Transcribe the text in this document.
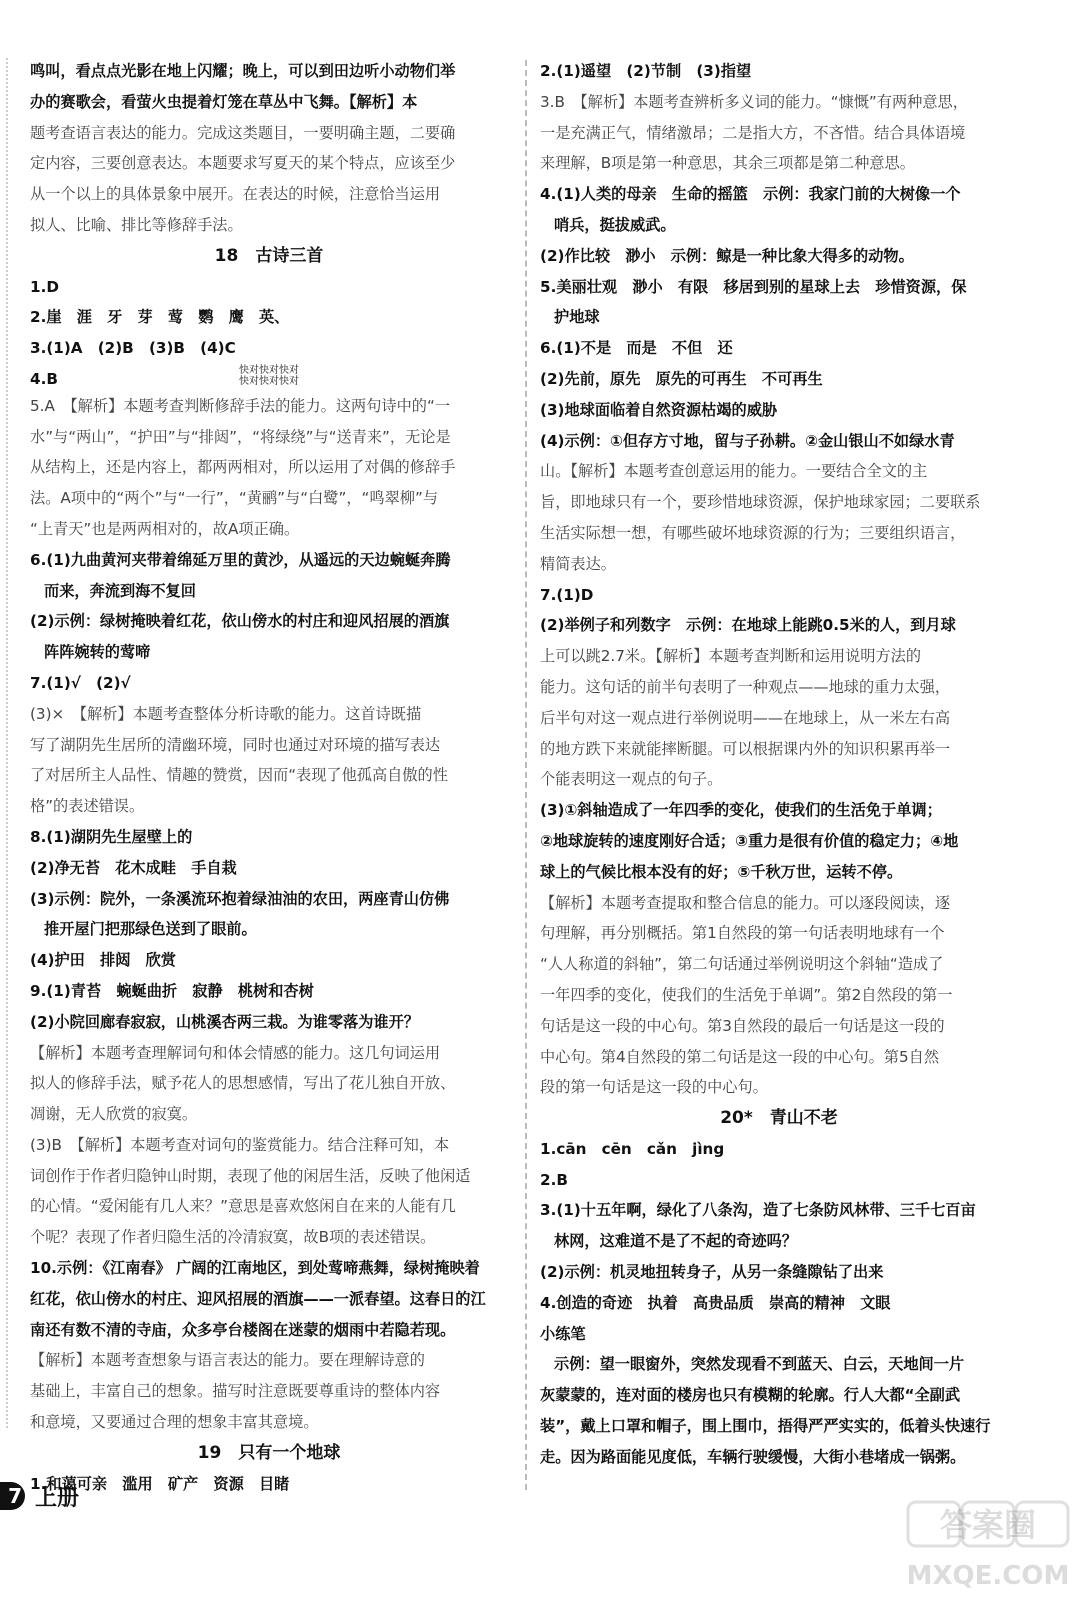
鸣叫，看点点光影在地上闪耀；晚上，可以到田边听小动物们举

办的赛歌会，看萤火虫提着灯笼在草丛中飞舞。【解析】本

题考查语言表达的能力。完成这类题目，一要明确主题，二要确

定内容，三要创意表达。本题要求写夏天的某个特点，应该至少

从一个以上的具体景象中展开。在表达的时候，注意恰当运用

拟人、比喻、排比等修辞手法。

18　古诗三首

1.D

2.崖　涯　牙　芽　莺　鹦　鹰　英、

3.(1)A　(2)B　(3)B　(4)C

4.B	快对快对快对
快对快对快对

5.A　【解析】本题考查判断修辞手法的能力。这两句诗中的“一

水”与“两山”，“护田”与“排闼”，“将绿绕”与“送青来”，无论是

从结构上，还是内容上，都两两相对，所以运用了对偶的修辞手

法。A项中的“两个”与“一行”，“黄鹂”与“白鹭”，“鸣翠柳”与

“上青天”也是两两相对的，故A项正确。

6.(1)九曲黄河夹带着绵延万里的黄沙，从遥远的天边蜿蜒奔腾

而来，奔流到海不复回

(2)示例：绿树掩映着红花，依山傍水的村庄和迎风招展的酒旗

阵阵婉转的莺啼

7.(1)√　(2)√

(3)×　【解析】本题考查整体分析诗歌的能力。这首诗既描

写了湖阴先生居所的清幽环境，同时也通过对环境的描写表达

了对居所主人品性、情趣的赞赏，因而“表现了他孤高自傲的性

格”的表述错误。

8.(1)湖阴先生屋壁上的

(2)净无苔　花木成畦　手自栽

(3)示例：院外，一条溪流环抱着绿油油的农田，两座青山仿佛

推开屋门把那绿色送到了眼前。

(4)护田　排闼　欣赏

9.(1)青苔　蜿蜒曲折　寂静　桃树和杏树

(2)小院回廊春寂寂，山桃溪杏两三栽。为谁零落为谁开？

【解析】本题考查理解词句和体会情感的能力。这几句词运用

拟人的修辞手法，赋予花人的思想感情，写出了花儿独自开放、

凋谢，无人欣赏的寂寞。

(3)B　【解析】本题考查对词句的鉴赏能力。结合注释可知，本

词创作于作者归隐钟山时期，表现了他的闲居生活，反映了他闲适

的心情。“爱闲能有几人来？”意思是喜欢悠闲自在来的人能有几

个呢？表现了作者归隐生活的冷清寂寞，故B项的表述错误。

10.示例：《江南春》 广阔的江南地区，到处莺啼燕舞，绿树掩映着

红花，依山傍水的村庄、迎风招展的酒旗——一派春望。这春日的江

南还有数不清的寺庙，众多亭台楼阁在迷蒙的烟雨中若隐若现。

【解析】本题考查想象与语言表达的能力。要在理解诗意的

基础上，丰富自己的想象。描写时注意既要尊重诗的整体内容

和意境，又要通过合理的想象丰富其意境。

19　只有一个地球

1.和蔼可亲　滥用　矿产　资源　目睹

2.(1)遥望　(2)节制　(3)指望

3.B　【解析】本题考查辨析多义词的能力。“慷慨”有两种意思，

一是充满正气，情绪激昂；二是指大方，不吝惜。结合具体语境

来理解，B项是第一种意思，其余三项都是第二种意思。

4.(1)人类的母亲　生命的摇篮　示例：我家门前的大树像一个

哨兵，挺拔威武。

(2)作比较　渺小　示例：鲸是一种比象大得多的动物。

5.美丽壮观　渺小　有限　移居到别的星球上去　珍惜资源，保

护地球

6.(1)不是　而是　不但　还

(2)先前，原先　原先的可再生　不可再生

(3)地球面临着自然资源枯竭的威胁

(4)示例：①但存方寸地，留与子孙耕。②金山银山不如绿水青

山。【解析】本题考查创意运用的能力。一要结合全文的主

旨，即地球只有一个，要珍惜地球资源，保护地球家园；二要联系

生活实际想一想，有哪些破坏地球资源的行为；三要组织语言，

精简表达。

7.(1)D

(2)举例子和列数字　示例：在地球上能跳0.5米的人，到月球

上可以跳2.7米。【解析】本题考查判断和运用说明方法的

能力。这句话的前半句表明了一种观点——地球的重力太强，

后半句对这一观点进行举例说明——在地球上，从一米左右高

的地方跌下来就能摔断腿。可以根据课内外的知识积累再举一

个能表明这一观点的句子。

(3)①斜轴造成了一年四季的变化，使我们的生活免于单调；

②地球旋转的速度刚好合适；③重力是很有价值的稳定力；④地

球上的气候比根本没有的好；⑤千秋万世，运转不停。

【解析】本题考查提取和整合信息的能力。可以逐段阅读，逐

句理解，再分别概括。第1自然段的第一句话表明地球有一个

“人人称道的斜轴”，第二句话通过举例说明这个斜轴“造成了

一年四季的变化，使我们的生活免于单调”。第2自然段的第一

句话是这一段的中心句。第3自然段的最后一句话是这一段的

中心句。第4自然段的第二句话是这一段的中心句。第5自然

段的第一句话是这一段的中心句。

20*　青山不老

1.cān　cēn　cǎn　jìng

2.B

3.(1)十五年啊，绿化了八条沟，造了七条防风林带、三千七百亩

林网，这难道不是了不起的奇迹吗？

(2)示例：机灵地扭转身子，从另一条缝隙钻了出来

4.创造的奇迹　执着　高贵品质　崇高的精神　文眼

小练笔

示例：望一眼窗外，突然发现看不到蓝天、白云，天地间一片

灰蒙蒙的，连对面的楼房也只有模糊的轮廓。行人大都“全副武

装”，戴上口罩和帽子，围上围巾，捂得严严实实的，低着头快速行

走。因为路面能见度低，车辆行驶缓慢，大街小巷堵成一锅粥。

7 上册
答案圈
MXQE.COM
